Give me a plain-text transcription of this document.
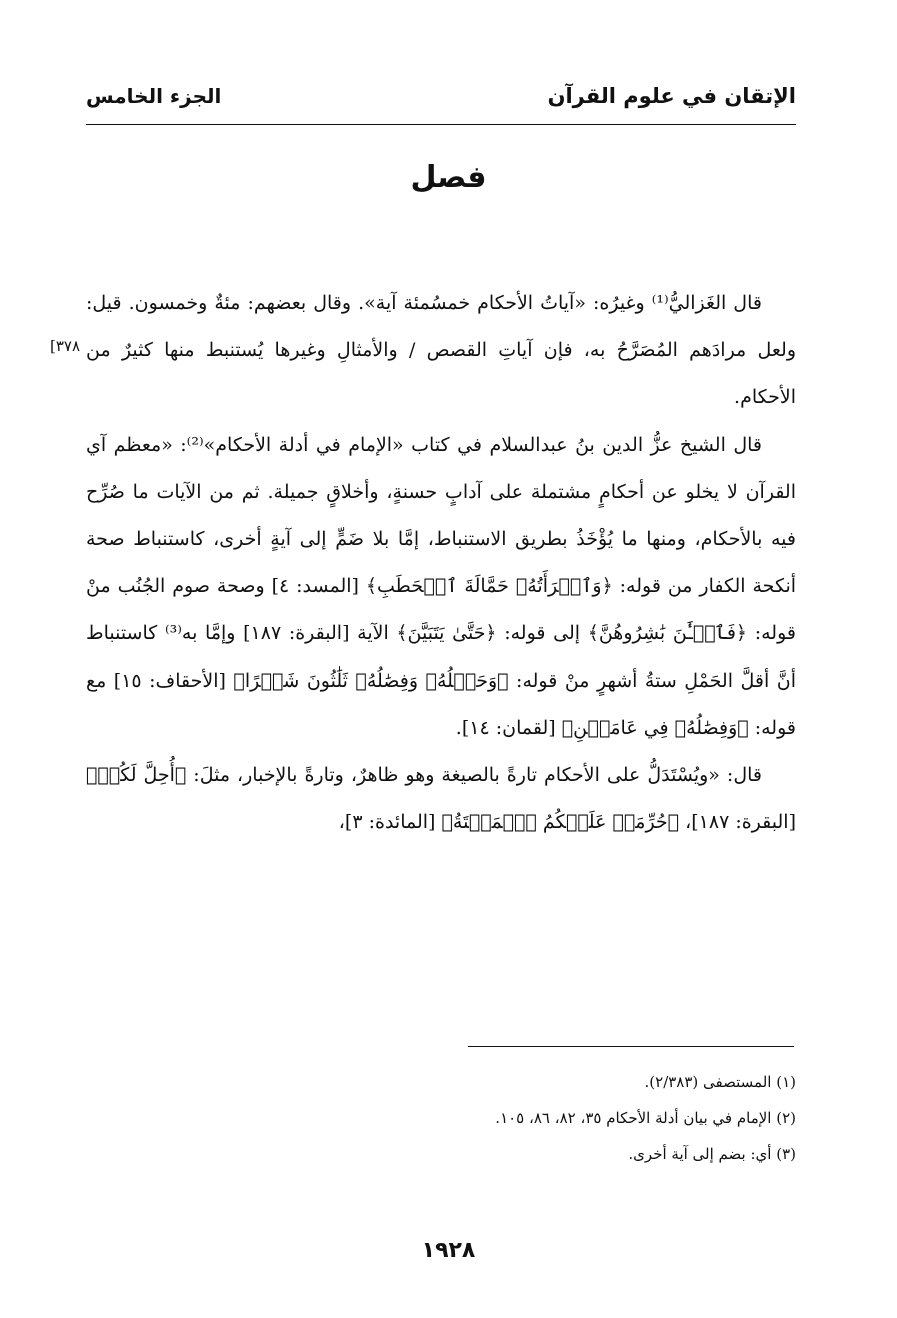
الإتقان في علوم القرآن
الجزء الخامس
فصل
[٣٧٨

قال الغَزاليُّ⁽¹⁾ وغيرُه: «آياتُ الأحكام خمسُمئة آية». وقال بعضهم: مئةٌ وخمسون. قيل: ولعل مرادَهم المُصَرَّحُ به، فإن آياتِ القصص / والأمثالِ وغيرها يُستنبط منها كثيرٌ من الأحكام.

قال الشيخ عزُّ الدين بنُ عبدالسلام في كتاب «الإمام في أدلة الأحكام»⁽²⁾: «معظم آي القرآن لا يخلو عن أحكامٍ مشتملة على آدابٍ حسنةٍ، وأخلاقٍ جميلة. ثم من الآيات ما صُرِّح فيه بالأحكام، ومنها ما يُؤْخَذُ بطريق الاستنباط، إمَّا بلا ضَمٍّ إلى آيةٍ أخرى، كاستنباط صحة أنكحة الكفار من قوله: ﴿وَٱمۡرَأَتُهُۥ حَمَّالَةَ ٱلۡحَطَبِ﴾ [المسد: ٤] وصحة صوم الجُنُب منْ قوله: ﴿فَٱلۡـَٰٔنَ بَٰشِرُوهُنَّ﴾ إلى قوله: ﴿حَتَّىٰ يَتَبَيَّنَ﴾ الآية [البقرة: ١٨٧] وإمَّا به⁽³⁾ كاستنباط أنَّ أقلَّ الحَمْلِ ستةُ أشهرٍ منْ قوله: ﴿وَحَمۡلُهُۥ وَفِصَٰلُهُۥ ثَلَٰثُونَ شَهۡرًا﴾ [الأحقاف: ١٥] مع قوله: ﴿وَفِصَٰلُهُۥ فِي عَامَيۡنِ﴾ [لقمان: ١٤].

قال: «ويُسْتَدَلُّ على الأحكام تارةً بالصيغة وهو ظاهرٌ، وتارةً بالإخبار، مثلَ: ﴿أُحِلَّ لَكُمۡ﴾ [البقرة: ١٨٧]، ﴿حُرِّمَتۡ عَلَيۡكُمُ ٱلۡمَيۡتَةُ﴾ [المائدة: ٣]،

(١) المستصفى (٢/٣٨٣).
(٢) الإمام في بيان أدلة الأحكام ٣٥، ٨٢، ٨٦، ١٠٥.
(٣) أي: بضم إلى آية أخرى.
١٩٢٨
